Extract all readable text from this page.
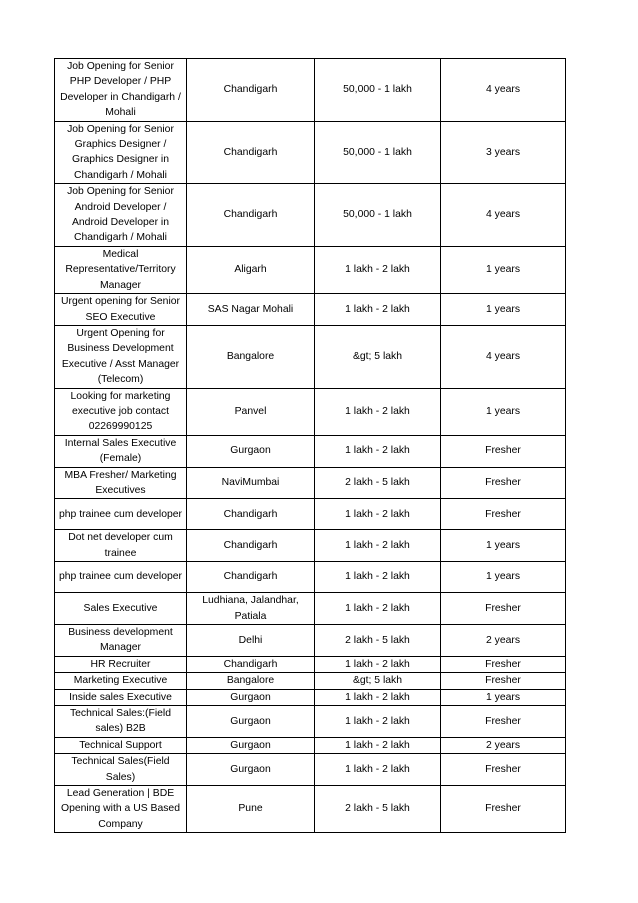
Job Opening for Senior PHP Developer / PHP Developer in Chandigarh / Mohali	Chandigarh	50,000 - 1 lakh	4 years
Job Opening for Senior Graphics Designer / Graphics Designer in Chandigarh / Mohali	Chandigarh	50,000 - 1 lakh	3 years
Job Opening for Senior Android Developer / Android Developer in Chandigarh / Mohali	Chandigarh	50,000 - 1 lakh	4 years
Medical Representative/Territory Manager	Aligarh	1 lakh - 2 lakh	1 years
Urgent opening for Senior SEO Executive	SAS Nagar Mohali	1 lakh - 2 lakh	1 years
Urgent Opening for Business Development Executive / Asst Manager (Telecom)	Bangalore	&gt; 5 lakh	4 years
Looking for marketing executive job contact 02269990125	Panvel	1 lakh - 2 lakh	1 years
Internal Sales Executive (Female)	Gurgaon	1 lakh - 2 lakh	Fresher
MBA Fresher/ Marketing Executives	NaviMumbai	2 lakh - 5 lakh	Fresher
php trainee cum developer	Chandigarh	1 lakh - 2 lakh	Fresher
Dot net developer cum trainee	Chandigarh	1 lakh - 2 lakh	1 years
php trainee cum developer	Chandigarh	1 lakh - 2 lakh	1 years
Sales Executive	Ludhiana, Jalandhar, Patiala	1 lakh - 2 lakh	Fresher
Business development Manager	Delhi	2 lakh - 5 lakh	2 years
HR Recruiter	Chandigarh	1 lakh - 2 lakh	Fresher
Marketing Executive	Bangalore	&gt; 5 lakh	Fresher
Inside sales Executive	Gurgaon	1 lakh - 2 lakh	1 years
Technical Sales:(Field sales) B2B	Gurgaon	1 lakh - 2 lakh	Fresher
Technical Support	Gurgaon	1 lakh - 2 lakh	2 years
Technical Sales(Field Sales)	Gurgaon	1 lakh - 2 lakh	Fresher
Lead Generation | BDE Opening with a US Based Company	Pune	2 lakh - 5 lakh	Fresher
